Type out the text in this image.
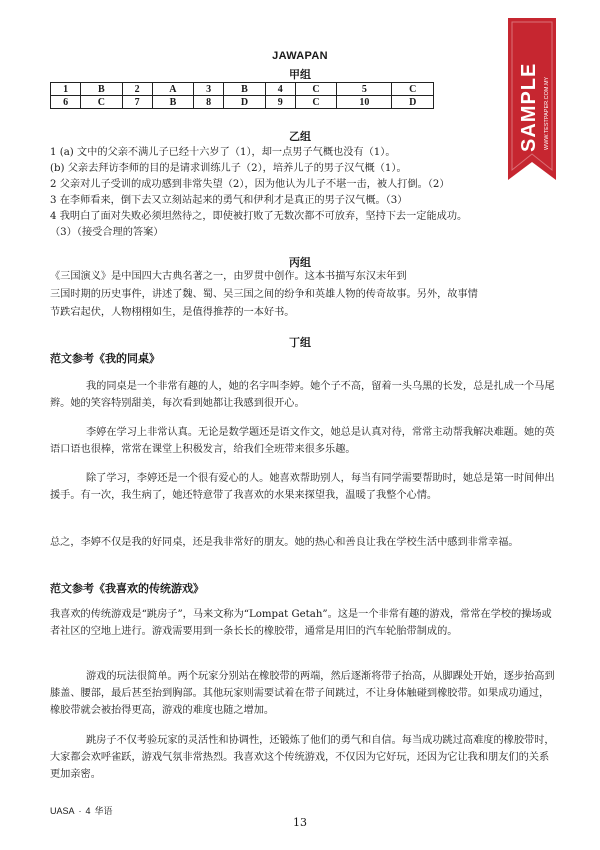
JAWAPAN
甲组
1	B	2	A	3	B	4	C	5	C
6	C	7	B	8	D	9	C	10	D
乙组
1 (a) 文中的父亲不满儿子已经十六岁了（1），却一点男子气概也没有（1）。
(b) 父亲去拜访李师的目的是请求训练儿子（2），培养儿子的男子汉气概（1）。
2 父亲对儿子受训的成功感到非常失望（2），因为他认为儿子不堪一击，被人打倒。（2）
3 在李师看来，倒下去又立刻站起来的勇气和伊利才是真正的男子汉气概。（3）
4 我明白了面对失败必须坦然待之，即使被打败了无数次都不可放弃，坚持下去一定能成功。
（3）（接受合理的答案）
丙组
《三国演义》是中国四大古典名著之一，由罗贯中创作。这本书描写东汉末年到
三国时期的历史事件，讲述了魏、蜀、吴三国之间的纷争和英雄人物的传奇故事。另外，故事情
节跌宕起伏，人物栩栩如生，是值得推荐的一本好书。
丁组
范文参考《我的同桌》
我的同桌是一个非常有趣的人，她的名字叫李婷。她个子不高，留着一头乌黑的长发，总是扎成一个马尾辫。她的笑容特别甜美，每次看到她都让我感到很开心。
李婷在学习上非常认真。无论是数学题还是语文作文，她总是认真对待，常常主动帮我解决难题。她的英语口语也很棒，常常在课堂上积极发言，给我们全班带来很多乐趣。
除了学习，李婷还是一个很有爱心的人。她喜欢帮助别人，每当有同学需要帮助时，她总是第一时间伸出援手。有一次，我生病了，她还特意带了我喜欢的水果来探望我，温暖了我整个心情。
总之，李婷不仅是我的好同桌，还是我非常好的朋友。她的热心和善良让我在学校生活中感到非常幸福。
范文参考《我喜欢的传统游戏》
我喜欢的传统游戏是“跳房子”，马来文称为“Lompat Getah”。这是一个非常有趣的游戏，常常在学校的操场或者社区的空地上进行。游戏需要用到一条长长的橡胶带，通常是用旧的汽车轮胎带制成的。
游戏的玩法很简单。两个玩家分别站在橡胶带的两端，然后逐渐将带子抬高，从脚踝处开始，逐步抬高到膝盖、腰部，最后甚至抬到胸部。其他玩家则需要试着在带子间跳过，不让身体触碰到橡胶带。如果成功通过，橡胶带就会被抬得更高，游戏的难度也随之增加。
跳房子不仅考验玩家的灵活性和协调性，还锻炼了他们的勇气和自信。每当成功跳过高难度的橡胶带时，大家都会欢呼雀跃，游戏气氛非常热烈。我喜欢这个传统游戏，不仅因为它好玩，还因为它让我和朋友们的关系更加亲密。
SAMPLE WWW.TESTPAPER.COM.MY
UASA · 4 华语
13
